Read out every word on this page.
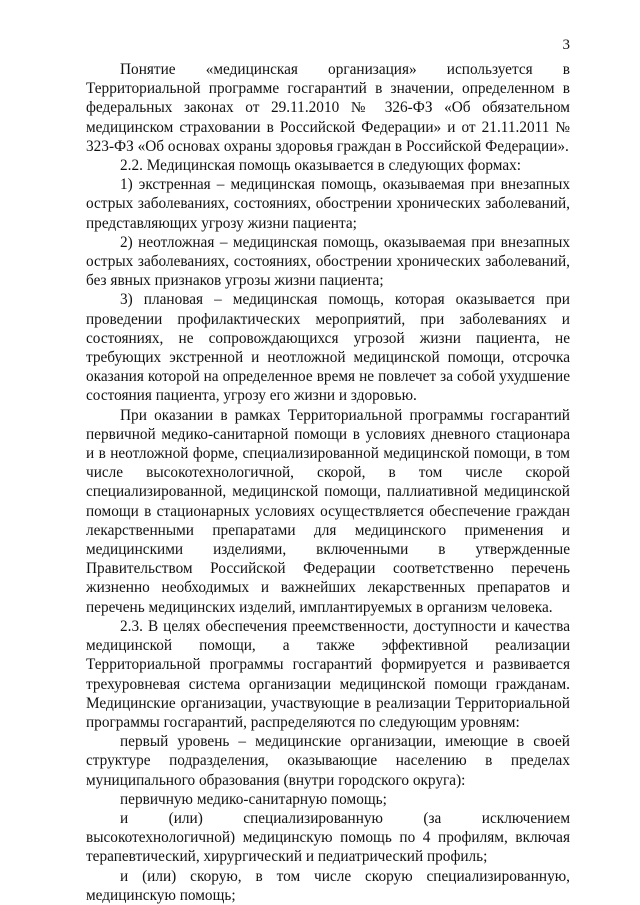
3

Понятие «медицинская организация» используется в Территориальной программе госгарантий в значении, определенном в федеральных законах от 29.11.2010 № 326-ФЗ «Об обязательном медицинском страховании в Российской Федерации» и от 21.11.2011 № 323-ФЗ «Об основах охраны здоровья граждан в Российской Федерации».

2.2. Медицинская помощь оказывается в следующих формах:

1) экстренная – медицинская помощь, оказываемая при внезапных острых заболеваниях, состояниях, обострении хронических заболеваний, представляющих угрозу жизни пациента;

2) неотложная – медицинская помощь, оказываемая при внезапных острых заболеваниях, состояниях, обострении хронических заболеваний, без явных признаков угрозы жизни пациента;

3) плановая – медицинская помощь, которая оказывается при проведении профилактических мероприятий, при заболеваниях и состояниях, не сопровождающихся угрозой жизни пациента, не требующих экстренной и неотложной медицинской помощи, отсрочка оказания которой на определенное время не повлечет за собой ухудшение состояния пациента, угрозу его жизни и здоровью.

При оказании в рамках Территориальной программы госгарантий первичной медико-санитарной помощи в условиях дневного стационара и в неотложной форме, специализированной медицинской помощи, в том числе высокотехнологичной, скорой, в том числе скорой специализированной, медицинской помощи, паллиативной медицинской помощи в стационарных условиях осуществляется обеспечение граждан лекарственными препаратами для медицинского применения и медицинскими изделиями, включенными в утвержденные Правительством Российской Федерации соответственно перечень жизненно необходимых и важнейших лекарственных препаратов и перечень медицинских изделий, имплантируемых в организм человека.

2.3. В целях обеспечения преемственности, доступности и качества медицинской помощи, а также эффективной реализации Территориальной программы госгарантий формируется и развивается трехуровневая система организации медицинской помощи гражданам. Медицинские организации, участвующие в реализации Территориальной программы госгарантий, распределяются по следующим уровням:

первый уровень – медицинские организации, имеющие в своей структуре подразделения, оказывающие населению в пределах муниципального образования (внутри городского округа):

первичную медико-санитарную помощь;

и (или) специализированную (за исключением высокотехнологичной) медицинскую помощь по 4 профилям, включая терапевтический, хирургический и педиатрический профиль;

и (или) скорую, в том числе скорую специализированную, медицинскую помощь;
